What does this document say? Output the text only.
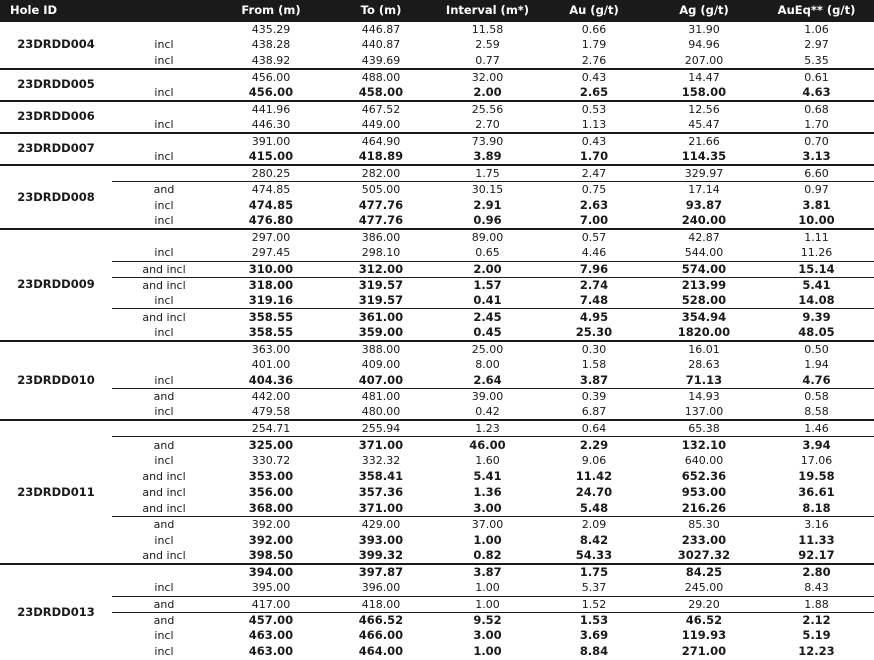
Hole ID		From (m)	To (m)	Interval (m*)	Au (g/t)	Ag (g/t)	AuEq** (g/t)
23DRDD004		435.29	446.87	11.58	0.66	31.90	1.06
	incl	438.28	440.87	2.59	1.79	94.96	2.97
	incl	438.92	439.69	0.77	2.76	207.00	5.35
23DRDD005		456.00	488.00	32.00	0.43	14.47	0.61
	incl	456.00	458.00	2.00	2.65	158.00	4.63
23DRDD006		441.96	467.52	25.56	0.53	12.56	0.68
	incl	446.30	449.00	2.70	1.13	45.47	1.70
23DRDD007		391.00	464.90	73.90	0.43	21.66	0.70
	incl	415.00	418.89	3.89	1.70	114.35	3.13
23DRDD008		280.25	282.00	1.75	2.47	329.97	6.60
	and	474.85	505.00	30.15	0.75	17.14	0.97
	incl	474.85	477.76	2.91	2.63	93.87	3.81
	incl	476.80	477.76	0.96	7.00	240.00	10.00
23DRDD009		297.00	386.00	89.00	0.57	42.87	1.11
	incl	297.45	298.10	0.65	4.46	544.00	11.26
	and incl	310.00	312.00	2.00	7.96	574.00	15.14
	and incl	318.00	319.57	1.57	2.74	213.99	5.41
	incl	319.16	319.57	0.41	7.48	528.00	14.08
	and incl	358.55	361.00	2.45	4.95	354.94	9.39
	incl	358.55	359.00	0.45	25.30	1820.00	48.05
23DRDD010		363.00	388.00	25.00	0.30	16.01	0.50
		401.00	409.00	8.00	1.58	28.63	1.94
	incl	404.36	407.00	2.64	3.87	71.13	4.76
	and	442.00	481.00	39.00	0.39	14.93	0.58
	incl	479.58	480.00	0.42	6.87	137.00	8.58
23DRDD011		254.71	255.94	1.23	0.64	65.38	1.46
	and	325.00	371.00	46.00	2.29	132.10	3.94
	incl	330.72	332.32	1.60	9.06	640.00	17.06
	and incl	353.00	358.41	5.41	11.42	652.36	19.58
	and incl	356.00	357.36	1.36	24.70	953.00	36.61
	and incl	368.00	371.00	3.00	5.48	216.26	8.18
	and	392.00	429.00	37.00	2.09	85.30	3.16
	incl	392.00	393.00	1.00	8.42	233.00	11.33
	and incl	398.50	399.32	0.82	54.33	3027.32	92.17
23DRDD013		394.00	397.87	3.87	1.75	84.25	2.80
	incl	395.00	396.00	1.00	5.37	245.00	8.43
	and	417.00	418.00	1.00	1.52	29.20	1.88
	and	457.00	466.52	9.52	1.53	46.52	2.12
	incl	463.00	466.00	3.00	3.69	119.93	5.19
	incl	463.00	464.00	1.00	8.84	271.00	12.23
